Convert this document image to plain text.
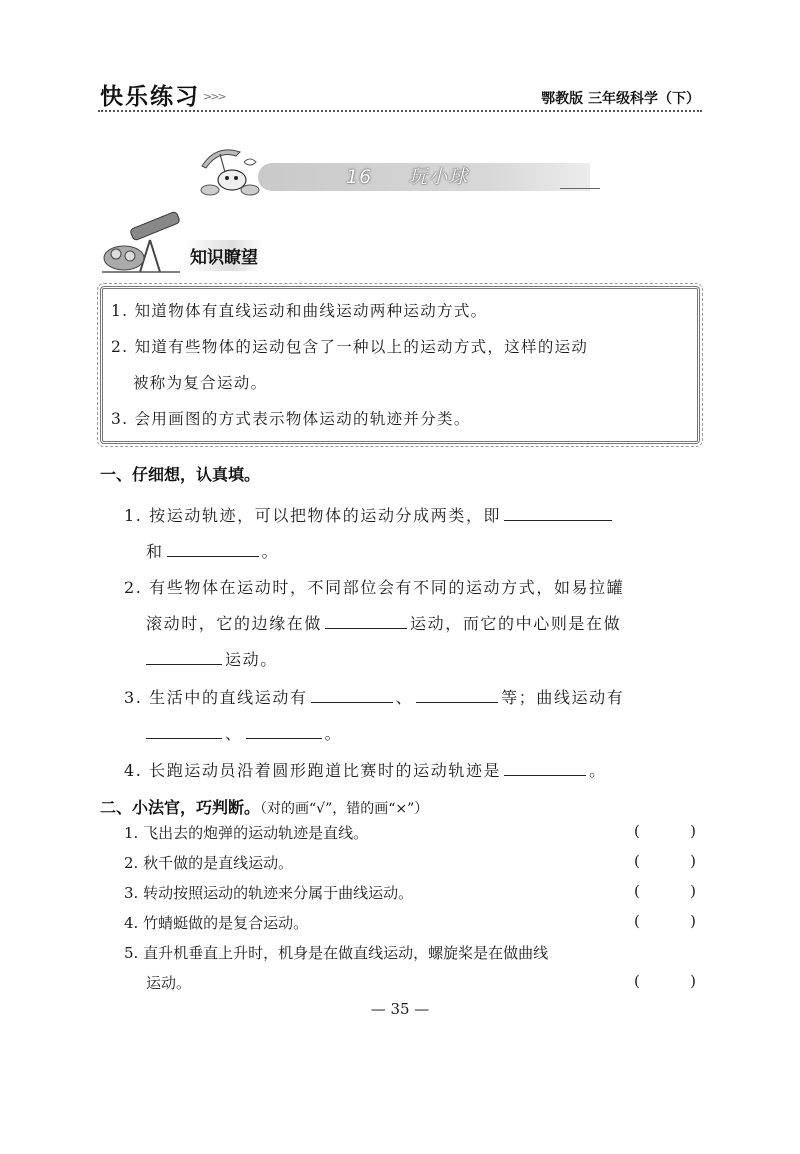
快乐练习 >>>	鄂教版 三年级科学（下）
16 玩小球
知识瞭望
1. 知道物体有直线运动和曲线运动两种运动方式。
2. 知道有些物体的运动包含了一种以上的运动方式，这样的运动
被称为复合运动。
3. 会用画图的方式表示物体运动的轨迹并分类。
一、仔细想，认真填。
1. 按运动轨迹，可以把物体的运动分成两类，即
和	。
2. 有些物体在运动时，不同部位会有不同的运动方式，如易拉罐
滚动时，它的边缘在做	运动，而它的中心则是在做
运动。
3. 生活中的直线运动有	、	等；曲线运动有
、	。
4. 长跑运动员沿着圆形跑道比赛时的运动轨迹是	。
二、小法官，巧判断。（对的画“√”，错的画“×”）
1. 飞出去的炮弹的运动轨迹是直线。	(	)
2. 秋千做的是直线运动。	(	)
3. 转动按照运动的轨迹来分属于曲线运动。	(	)
4. 竹蜻蜓做的是复合运动。	(	)
5. 直升机垂直上升时，机身是在做直线运动，螺旋桨是在做曲线
运动。	(	)
— 35 —
